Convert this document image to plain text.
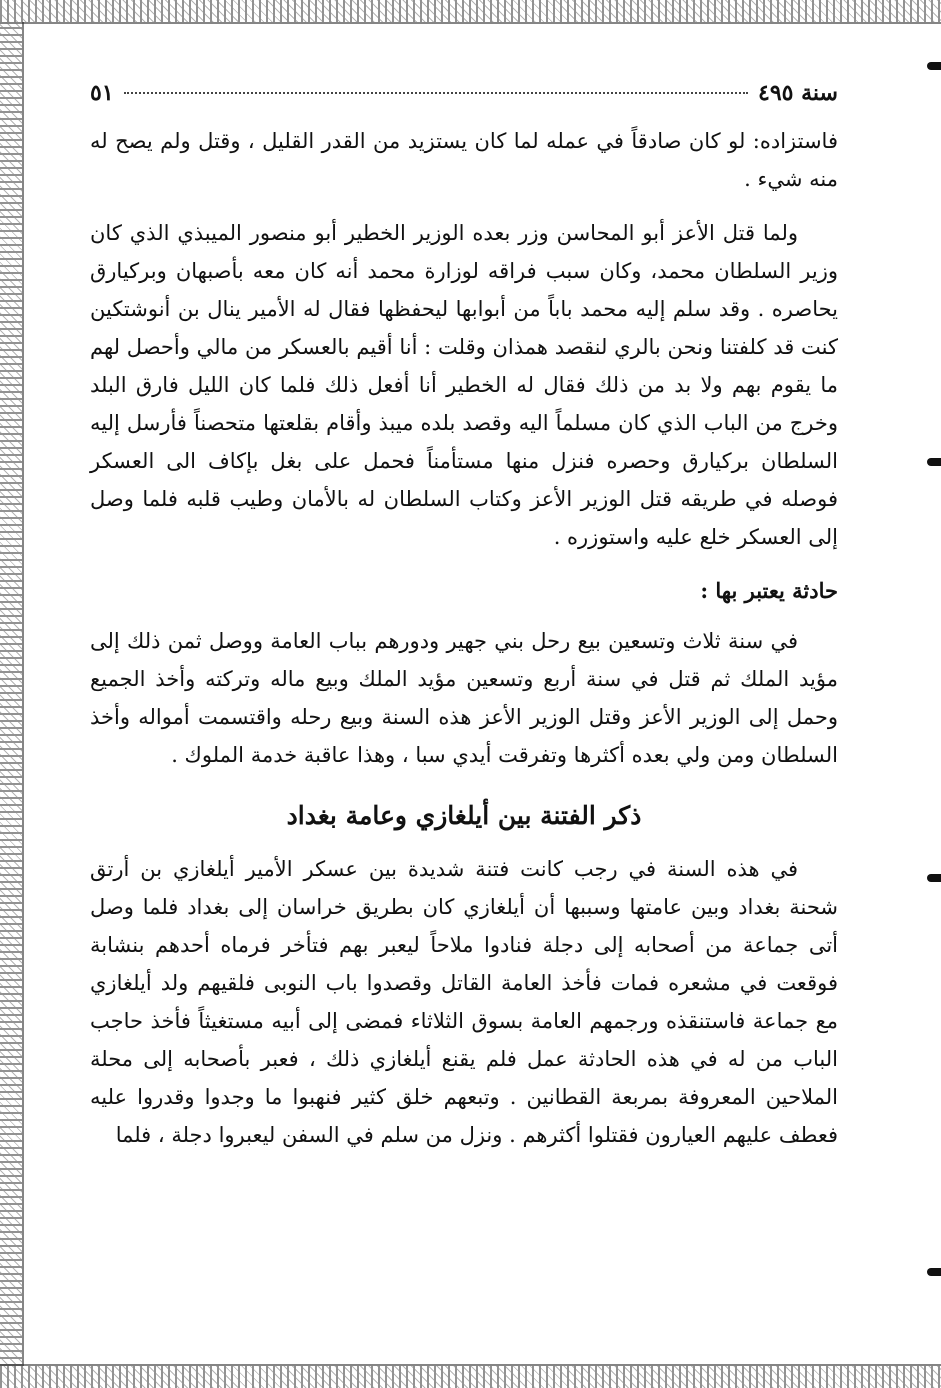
سنة ٤٩٥
٥١

فاستزاده: لو كان صادقاً في عمله لما كان يستزيد من القدر القليل ، وقتل ولم يصح له منه شيء .

ولما قتل الأعز أبو المحاسن وزر بعده الوزير الخطير أبو منصور الميبذي الذي كان وزير السلطان محمد، وكان سبب فراقه لوزارة محمد أنه كان معه بأصبهان وبركيارق يحاصره . وقد سلم إليه محمد باباً من أبوابها ليحفظها فقال له الأمير ينال بن أنوشتكين كنت قد كلفتنا ونحن بالري لنقصد همذان وقلت : أنا أقيم بالعسكر من مالي وأحصل لهم ما يقوم بهم ولا بد من ذلك فقال له الخطير أنا أفعل ذلك فلما كان الليل فارق البلد وخرج من الباب الذي كان مسلماً اليه وقصد بلده ميبذ وأقام بقلعتها متحصناً فأرسل إليه السلطان بركيارق وحصره فنزل منها مستأمناً فحمل على بغل بإكاف الى العسكر فوصله في طريقه قتل الوزير الأعز وكتاب السلطان له بالأمان وطيب قلبه فلما وصل إلى العسكر خلع عليه واستوزره .

حادثة يعتبر بها :

في سنة ثلاث وتسعين بيع رحل بني جهير ودورهم بباب العامة ووصل ثمن ذلك إلى مؤيد الملك ثم قتل في سنة أربع وتسعين مؤيد الملك وبيع ماله وتركته وأخذ الجميع وحمل إلى الوزير الأعز وقتل الوزير الأعز هذه السنة وبيع رحله واقتسمت أمواله وأخذ السلطان ومن ولي بعده أكثرها وتفرقت أيدي سبا ، وهذا عاقبة خدمة الملوك .

ذكر الفتنة بين أيلغازي وعامة بغداد

في هذه السنة في رجب كانت فتنة شديدة بين عسكر الأمير أيلغازي بن أرتق شحنة بغداد وبين عامتها وسببها أن أيلغازي كان بطريق خراسان إلى بغداد فلما وصل أتى جماعة من أصحابه إلى دجلة فنادوا ملاحاً ليعبر بهم فتأخر فرماه أحدهم بنشابة فوقعت في مشعره فمات فأخذ العامة القاتل وقصدوا باب النوبى فلقيهم ولد أيلغازي مع جماعة فاستنقذه ورجمهم العامة بسوق الثلاثاء فمضى إلى أبيه مستغيثاً فأخذ حاجب الباب من له في هذه الحادثة عمل فلم يقنع أيلغازي ذلك ، فعبر بأصحابه إلى محلة الملاحين المعروفة بمربعة القطانين . وتبعهم خلق كثير فنهبوا ما وجدوا وقدروا عليه فعطف عليهم العيارون فقتلوا أكثرهم . ونزل من سلم في السفن ليعبروا دجلة ، فلما
